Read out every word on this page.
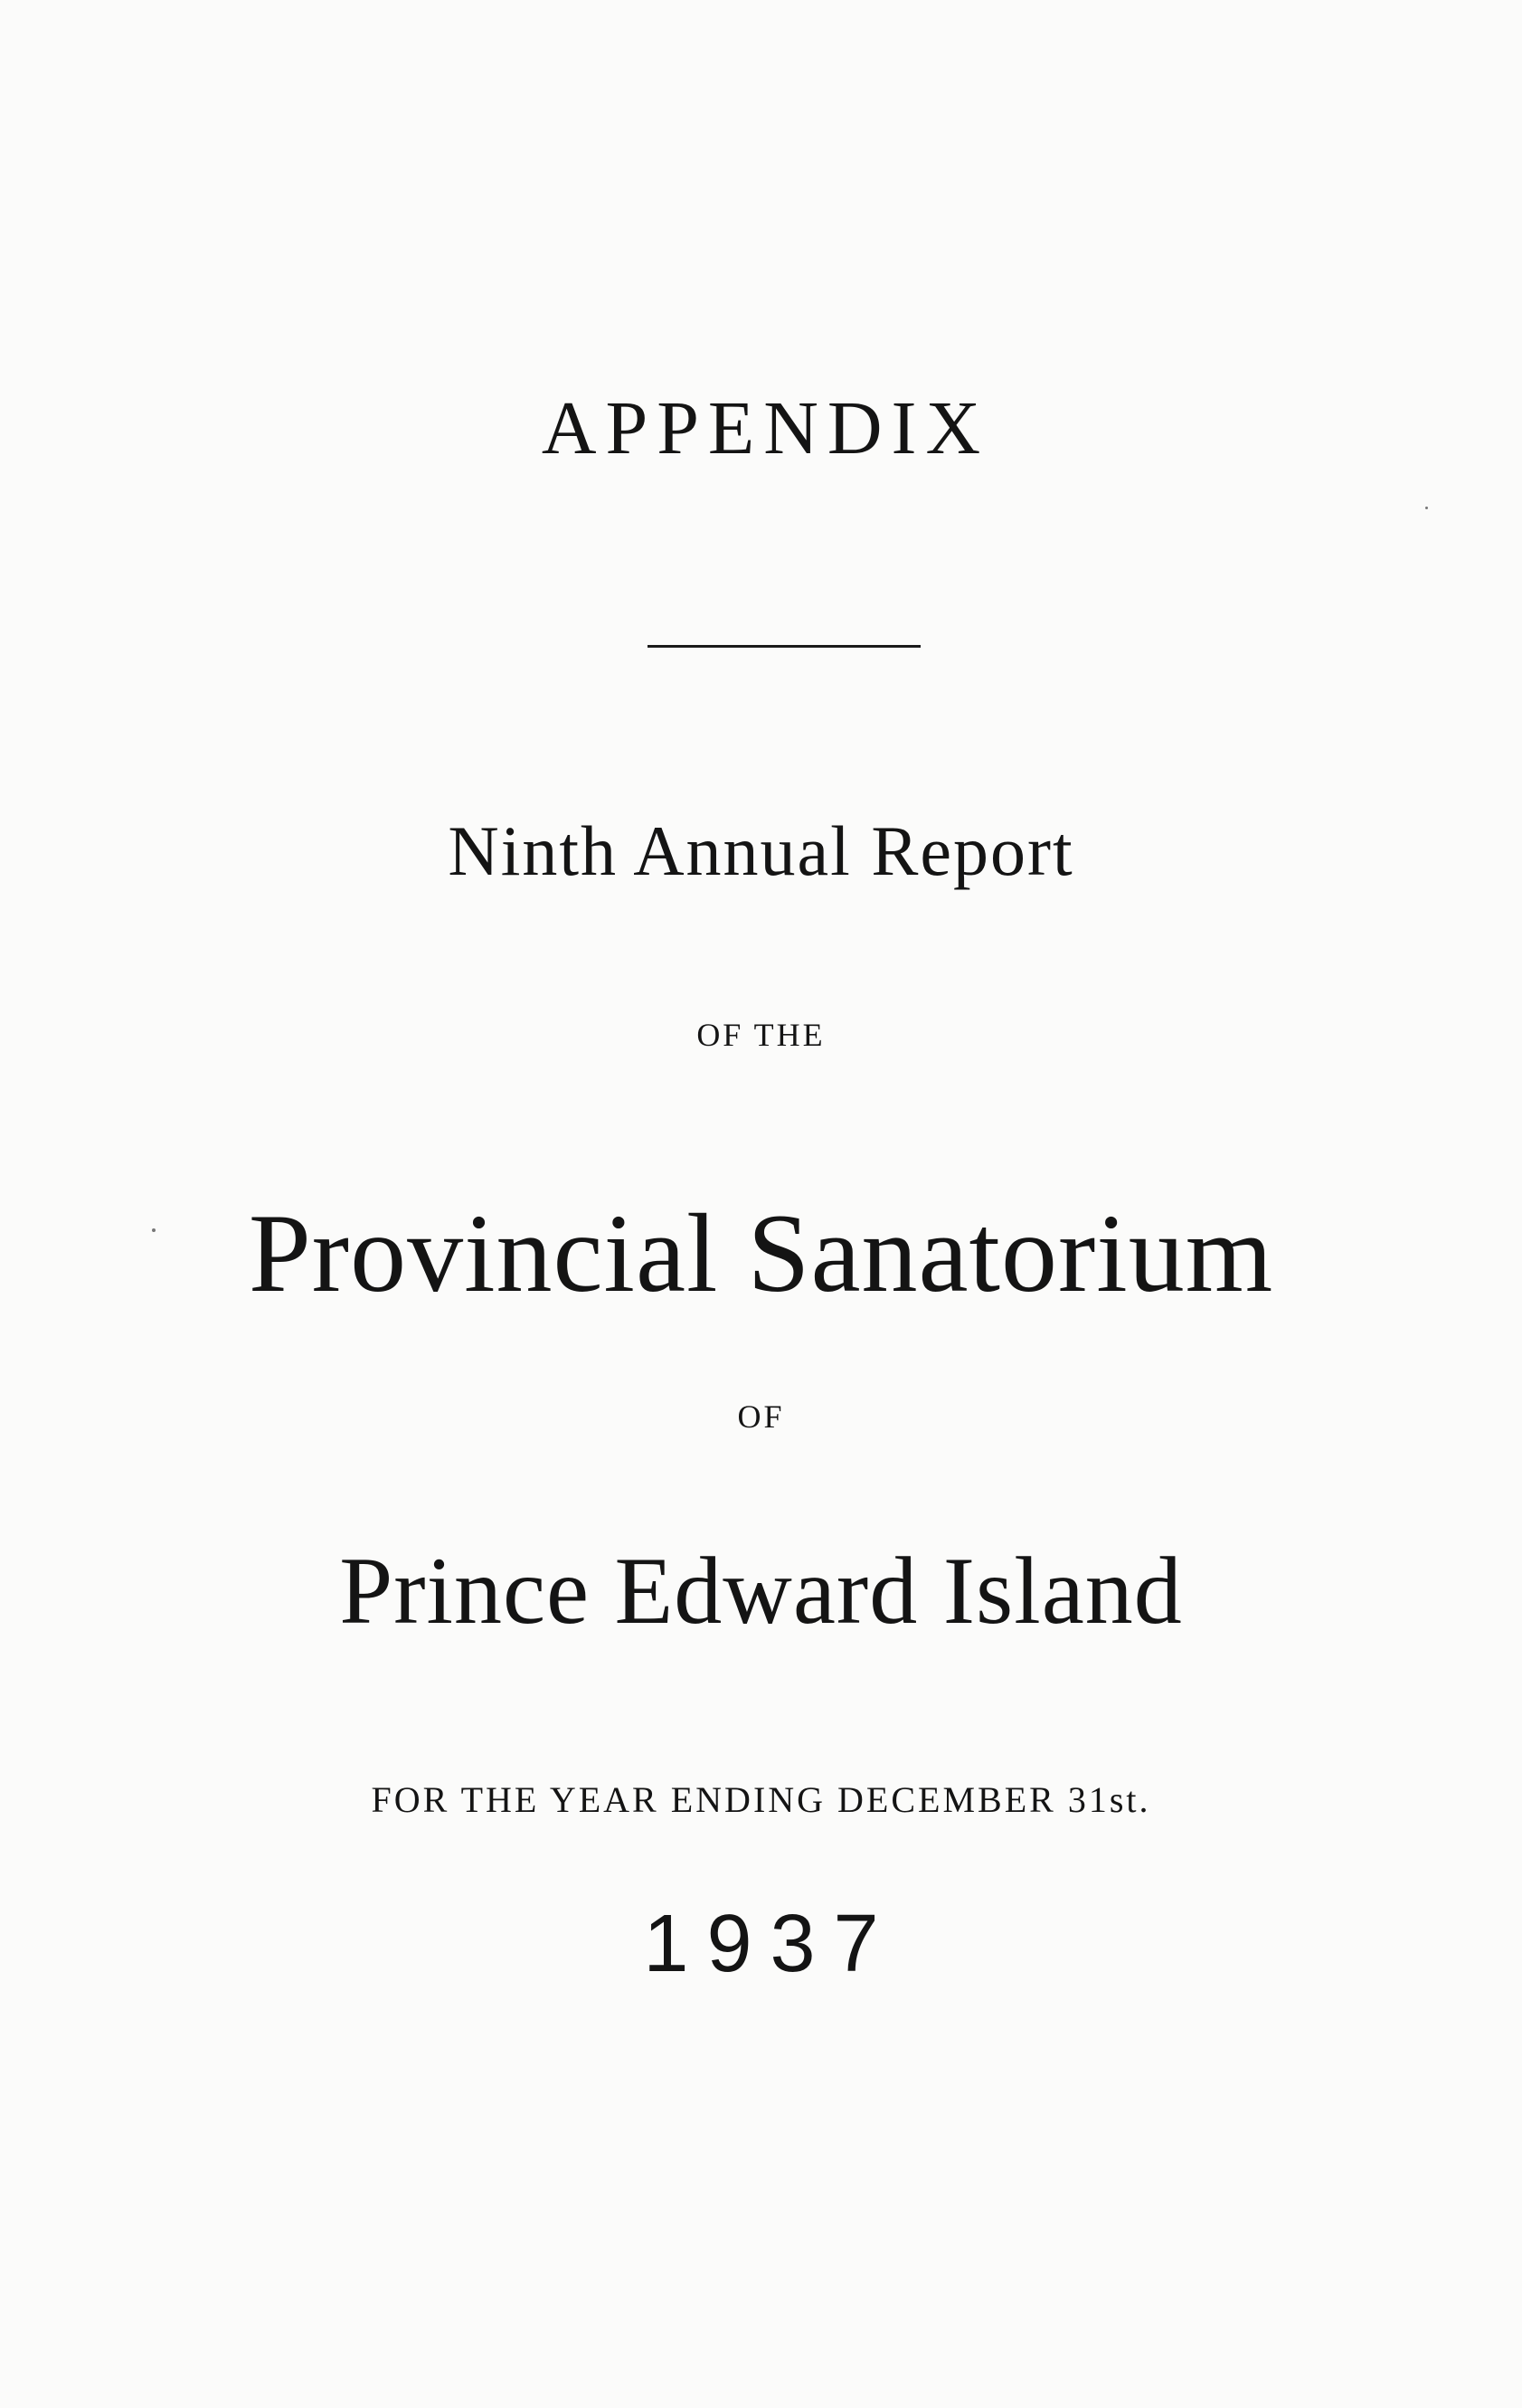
APPENDIX
Ninth Annual Report
OF THE
Provincial Sanatorium
OF
Prince Edward Island
FOR THE YEAR ENDING DECEMBER 31st.
1937
